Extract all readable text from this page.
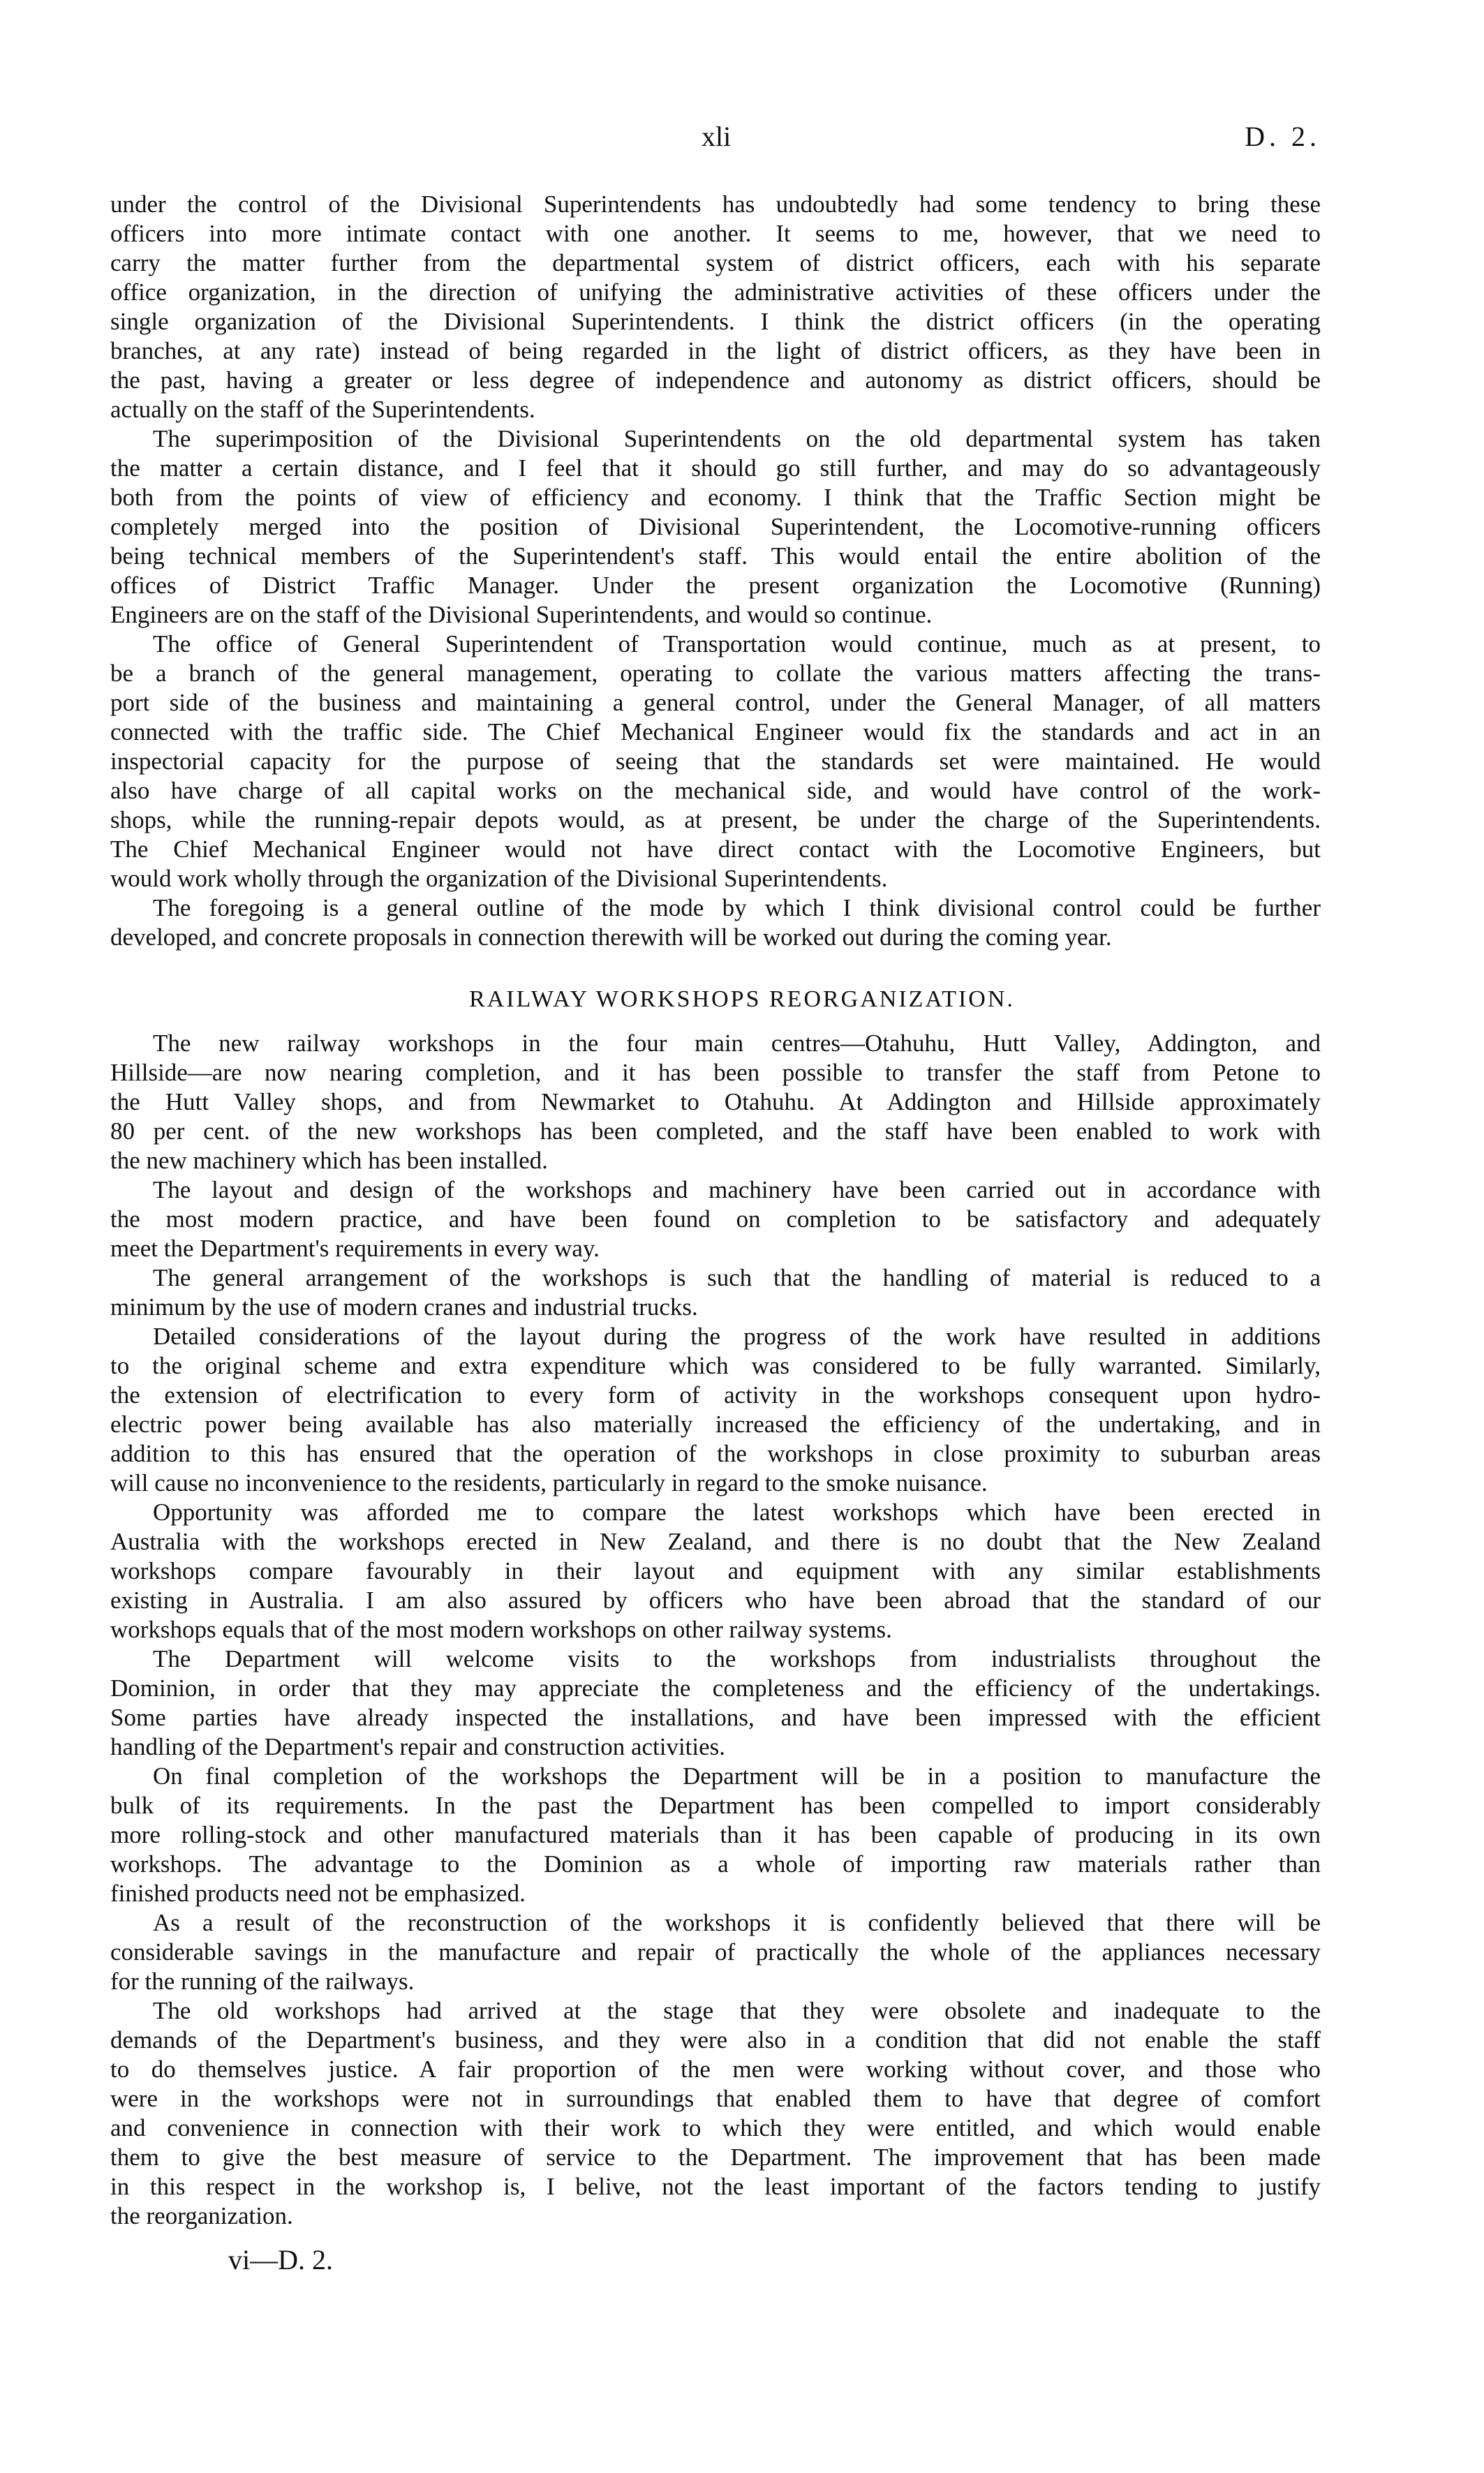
xli	D. 2.
under the control of the Divisional Superintendents has undoubtedly had some tendency to bring these
officers into more intimate contact with one another. It seems to me, however, that we need to
carry the matter further from the departmental system of district officers, each with his separate
office organization, in the direction of unifying the administrative activities of these officers under the
single organization of the Divisional Superintendents. I think the district officers (in the operating
branches, at any rate) instead of being regarded in the light of district officers, as they have been in
the past, having a greater or less degree of independence and autonomy as district officers, should be
actually on the staff of the Superintendents.
The superimposition of the Divisional Superintendents on the old departmental system has taken
the matter a certain distance, and I feel that it should go still further, and may do so advantageously
both from the points of view of efficiency and economy. I think that the Traffic Section might be
completely merged into the position of Divisional Superintendent, the Locomotive-running officers
being technical members of the Superintendent's staff. This would entail the entire abolition of the
offices of District Traffic Manager. Under the present organization the Locomotive (Running)
Engineers are on the staff of the Divisional Superintendents, and would so continue.
The office of General Superintendent of Transportation would continue, much as at present, to
be a branch of the general management, operating to collate the various matters affecting the trans-
port side of the business and maintaining a general control, under the General Manager, of all matters
connected with the traffic side. The Chief Mechanical Engineer would fix the standards and act in an
inspectorial capacity for the purpose of seeing that the standards set were maintained. He would
also have charge of all capital works on the mechanical side, and would have control of the work-
shops, while the running-repair depots would, as at present, be under the charge of the Superintendents.
The Chief Mechanical Engineer would not have direct contact with the Locomotive Engineers, but
would work wholly through the organization of the Divisional Superintendents.
The foregoing is a general outline of the mode by which I think divisional control could be further
developed, and concrete proposals in connection therewith will be worked out during the coming year.
RAILWAY WORKSHOPS REORGANIZATION.
The new railway workshops in the four main centres—Otahuhu, Hutt Valley, Addington, and
Hillside—are now nearing completion, and it has been possible to transfer the staff from Petone to
the Hutt Valley shops, and from Newmarket to Otahuhu. At Addington and Hillside approximately
80 per cent. of the new workshops has been completed, and the staff have been enabled to work with
the new machinery which has been installed.
The layout and design of the workshops and machinery have been carried out in accordance with
the most modern practice, and have been found on completion to be satisfactory and adequately
meet the Department's requirements in every way.
The general arrangement of the workshops is such that the handling of material is reduced to a
minimum by the use of modern cranes and industrial trucks.
Detailed considerations of the layout during the progress of the work have resulted in additions
to the original scheme and extra expenditure which was considered to be fully warranted. Similarly,
the extension of electrification to every form of activity in the workshops consequent upon hydro-
electric power being available has also materially increased the efficiency of the undertaking, and in
addition to this has ensured that the operation of the workshops in close proximity to suburban areas
will cause no inconvenience to the residents, particularly in regard to the smoke nuisance.
Opportunity was afforded me to compare the latest workshops which have been erected in
Australia with the workshops erected in New Zealand, and there is no doubt that the New Zealand
workshops compare favourably in their layout and equipment with any similar establishments
existing in Australia. I am also assured by officers who have been abroad that the standard of our
workshops equals that of the most modern workshops on other railway systems.
The Department will welcome visits to the workshops from industrialists throughout the
Dominion, in order that they may appreciate the completeness and the efficiency of the undertakings.
Some parties have already inspected the installations, and have been impressed with the efficient
handling of the Department's repair and construction activities.
On final completion of the workshops the Department will be in a position to manufacture the
bulk of its requirements. In the past the Department has been compelled to import considerably
more rolling-stock and other manufactured materials than it has been capable of producing in its own
workshops. The advantage to the Dominion as a whole of importing raw materials rather than
finished products need not be emphasized.
As a result of the reconstruction of the workshops it is confidently believed that there will be
considerable savings in the manufacture and repair of practically the whole of the appliances necessary
for the running of the railways.
The old workshops had arrived at the stage that they were obsolete and inadequate to the
demands of the Department's business, and they were also in a condition that did not enable the staff
to do themselves justice. A fair proportion of the men were working without cover, and those who
were in the workshops were not in surroundings that enabled them to have that degree of comfort
and convenience in connection with their work to which they were entitled, and which would enable
them to give the best measure of service to the Department. The improvement that has been made
in this respect in the workshop is, I belive, not the least important of the factors tending to justify
the reorganization.
vi—D. 2.
